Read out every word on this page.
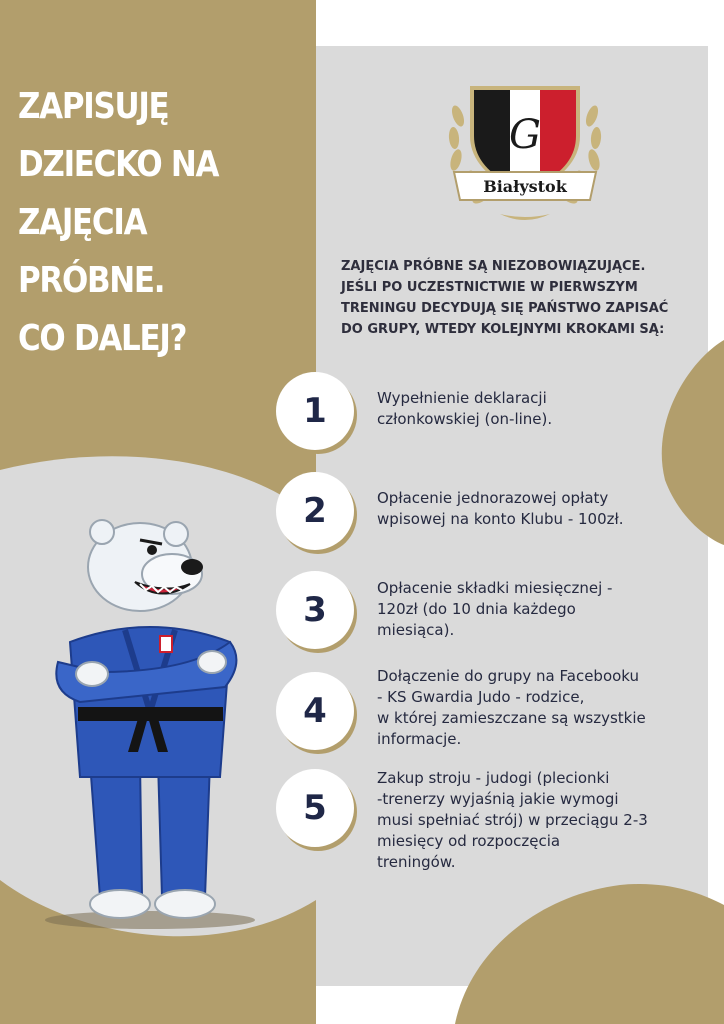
ZAPISUJĘ
DZIECKO NA
ZAJĘCIA
PRÓBNE.
CO DALEJ?
G
Białystok

ZAJĘCIA PRÓBNE SĄ NIEZOBOWIĄZUJĄCE.
JEŚLI PO UCZESTNICTWIE W PIERWSZYM
TRENINGU DECYDUJĄ SIĘ PAŃSTWO ZAPISAĆ
DO GRUPY, WTEDY KOLEJNYMI KROKAMI SĄ:

1	Wypełnienie deklaracji
członkowskiej (on-line).

2	Opłacenie jednorazowej opłaty
wpisowej na konto Klubu - 100zł.

3

Opłacenie składki miesięcznej -
120zł (do 10 dnia każdego
miesiąca).

4

Dołączenie do grupy na Facebooku
- KS Gwardia Judo - rodzice,
w której zamieszczane są wszystkie
informacje.

5

Zakup stroju - judogi (plecionki
-trenerzy wyjaśnią jakie wymogi
musi spełniać strój) w przeciągu 2-3
miesięcy od rozpoczęcia
treningów.
